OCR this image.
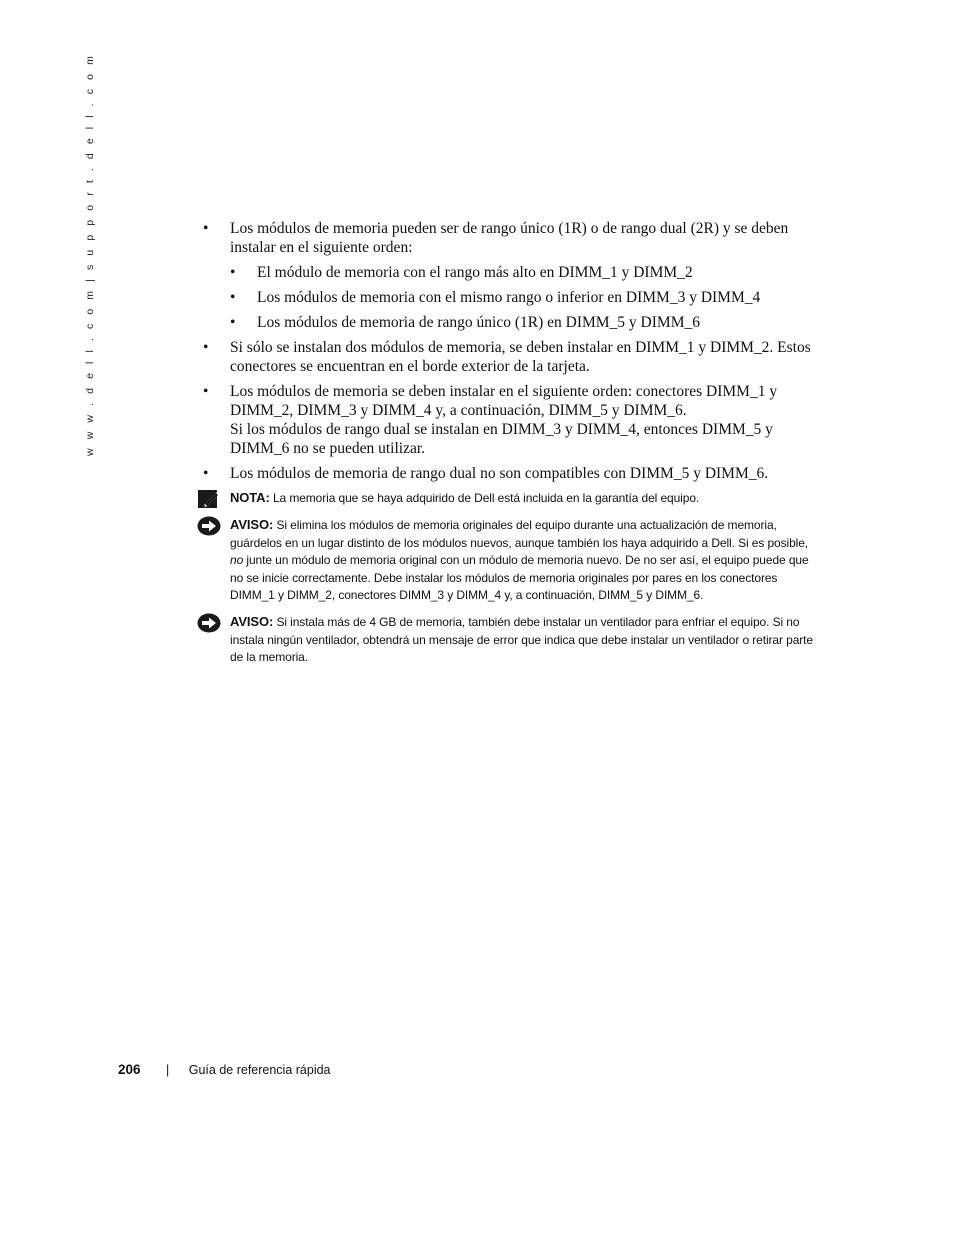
w w w . d e l l . c o m | s u p p o r t . d e l l . c o m	• Los módulos de memoria pueden ser de rango único (1R) o de rango dual (2R) y se deben instalar en el siguiente orden:
• El módulo de memoria con el rango más alto en DIMM_1 y DIMM_2
• Los módulos de memoria con el mismo rango o inferior en DIMM_3 y DIMM_4
• Los módulos de memoria de rango único (1R) en DIMM_5 y DIMM_6
• Si sólo se instalan dos módulos de memoria, se deben instalar en DIMM_1 y DIMM_2. Estos conectores se encuentran en el borde exterior de la tarjeta.
• Los módulos de memoria se deben instalar en el siguiente orden: conectores DIMM_1 y DIMM_2, DIMM_3 y DIMM_4 y, a continuación, DIMM_5 y DIMM_6.
Si los módulos de rango dual se instalan en DIMM_3 y DIMM_4, entonces DIMM_5 y DIMM_6 no se pueden utilizar.
• Los módulos de memoria de rango dual no son compatibles con DIMM_5 y DIMM_6.
NOTA: La memoria que se haya adquirido de Dell está incluida en la garantía del equipo.
AVISO: Si elimina los módulos de memoria originales del equipo durante una actualización de memoria, guárdelos en un lugar distinto de los módulos nuevos, aunque también los haya adquirido a Dell. Si es posible, no junte un módulo de memoria original con un módulo de memoria nuevo. De no ser así, el equipo puede que no se inicie correctamente. Debe instalar los módulos de memoria originales por pares en los conectores DIMM_1 y DIMM_2, conectores DIMM_3 y DIMM_4 y, a continuación, DIMM_5 y DIMM_6.
AVISO: Si instala más de 4 GB de memoria, también debe instalar un ventilador para enfriar el equipo. Si no instala ningún ventilador, obtendrá un mensaje de error que indica que debe instalar un ventilador o retirar parte de la memoria.
206 | Guía de referencia rápida
